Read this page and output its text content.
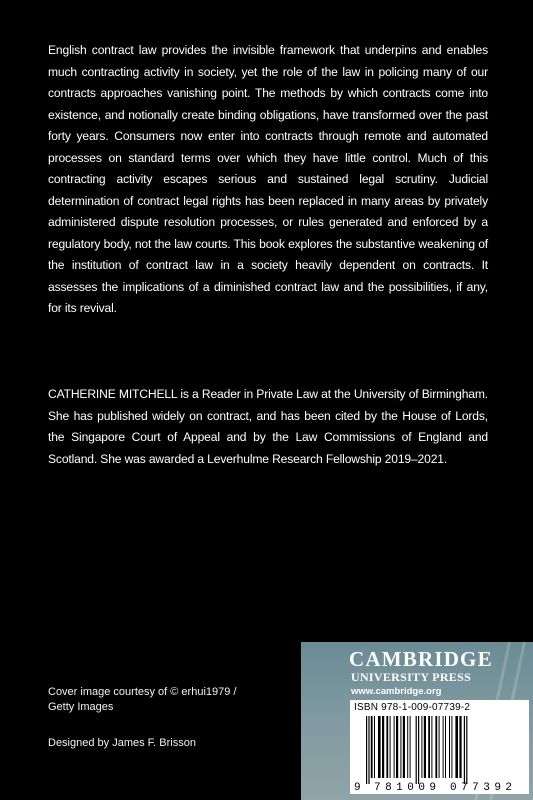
English contract law provides the invisible framework that underpins and enables much contracting activity in society, yet the role of the law in policing many of our contracts approaches vanishing point. The methods by which contracts come into existence, and notionally create binding obligations, have transformed over the past forty years. Consumers now enter into contracts through remote and automated processes on standard terms over which they have little control. Much of this contracting activity escapes serious and sustained legal scrutiny. Judicial determination of contract legal rights has been replaced in many areas by privately administered dispute resolution processes, or rules generated and enforced by a regulatory body, not the law courts. This book explores the substantive weakening of the institution of contract law in a society heavily dependent on contracts. It assesses the implications of a diminished contract law and the possibilities, if any, for its revival.

CATHERINE MITCHELL is a Reader in Private Law at the University of Birmingham. She has published widely on contract, and has been cited by the House of Lords, the Singapore Court of Appeal and by the Law Commissions of England and Scotland. She was awarded a Leverhulme Research Fellowship 2019–2021.

Cover image courtesy of © erhui1979 /
Getty Images
Designed by James F. Brisson
CAMBRIDGE
UNIVERSITY PRESS
www.cambridge.org
ISBN 978-1-009-07739-2
9 781009 077392
